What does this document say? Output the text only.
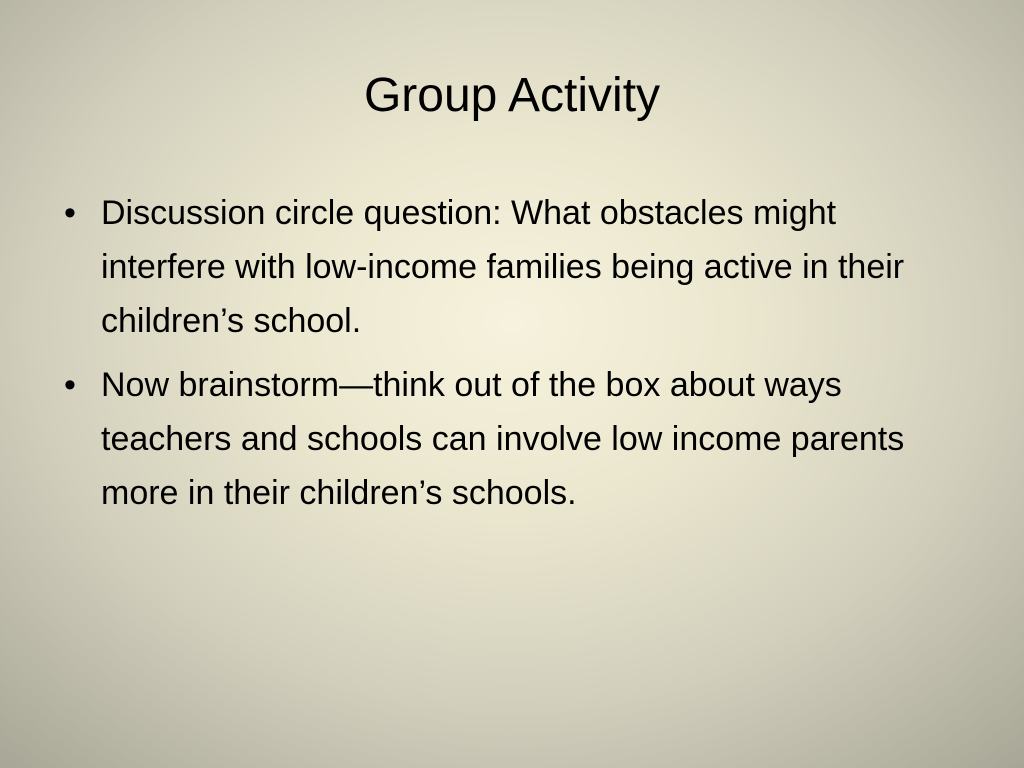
Group Activity
• Discussion circle question: What obstacles might interfere with low-income families being active in their children’s school.
• Now brainstorm—think out of the box about ways teachers and schools can involve low income parents more in their children’s schools.
